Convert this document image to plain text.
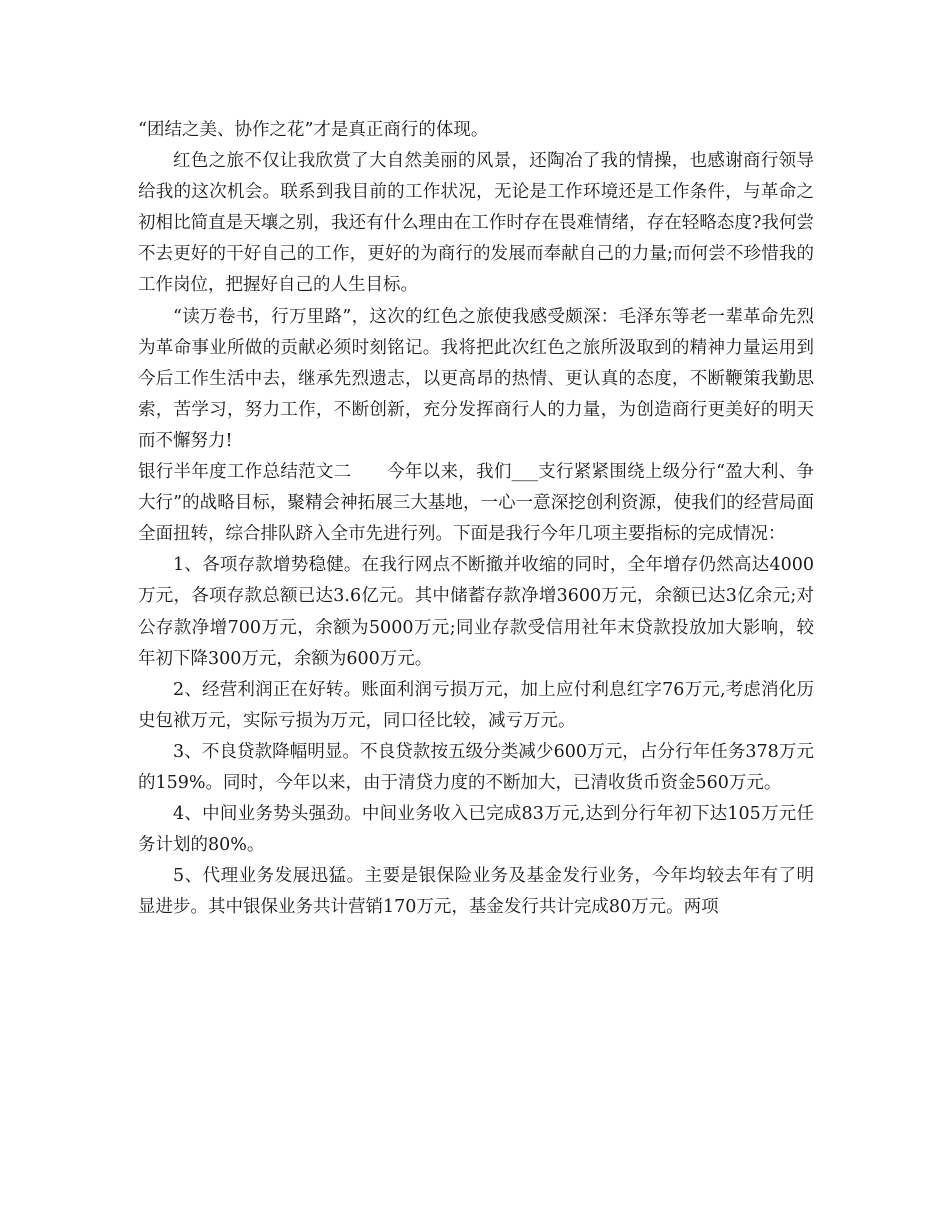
“团结之美、协作之花”才是真正商行的体现。

红色之旅不仅让我欣赏了大自然美丽的风景，还陶冶了我的情操，也感谢商行领导给我的这次机会。联系到我目前的工作状况，无论是工作环境还是工作条件，与革命之初相比简直是天壤之别，我还有什么理由在工作时存在畏难情绪，存在轻略态度?我何尝不去更好的干好自己的工作，更好的为商行的发展而奉献自己的力量;而何尝不珍惜我的工作岗位，把握好自己的人生目标。

“读万卷书，行万里路”，这次的红色之旅使我感受颇深：毛泽东等老一辈革命先烈为革命事业所做的贡献必须时刻铭记。我将把此次红色之旅所汲取到的精神力量运用到今后工作生活中去，继承先烈遗志，以更高昂的热情、更认真的态度，不断鞭策我勤思索，苦学习，努力工作，不断创新，充分发挥商行人的力量，为创造商行更美好的明天而不懈努力!

银行半年度工作总结范文二　　今年以来，我们___支行紧紧围绕上级分行“盈大利、争大行”的战略目标，聚精会神拓展三大基地，一心一意深挖创利资源，使我们的经营局面全面扭转，综合排队跻入全市先进行列。下面是我行今年几项主要指标的完成情况：

1、各项存款增势稳健。在我行网点不断撤并收缩的同时，全年增存仍然高达4000万元，各项存款总额已达3.6亿元。其中储蓄存款净增3600万元，余额已达3亿余元;对公存款净增700万元，余额为5000万元;同业存款受信用社年末贷款投放加大影响，较年初下降300万元，余额为600万元。

2、经营利润正在好转。账面利润亏损万元，加上应付利息红字76万元,考虑消化历史包袱万元，实际亏损为万元，同口径比较，减亏万元。

3、不良贷款降幅明显。不良贷款按五级分类减少600万元，占分行年任务378万元的159%。同时，今年以来，由于清贷力度的不断加大，已清收货币资金560万元。

4、中间业务势头强劲。中间业务收入已完成83万元,达到分行年初下达105万元任务计划的80%。

5、代理业务发展迅猛。主要是银保险业务及基金发行业务，今年均较去年有了明显进步。其中银保业务共计营销170万元，基金发行共计完成80万元。两项
